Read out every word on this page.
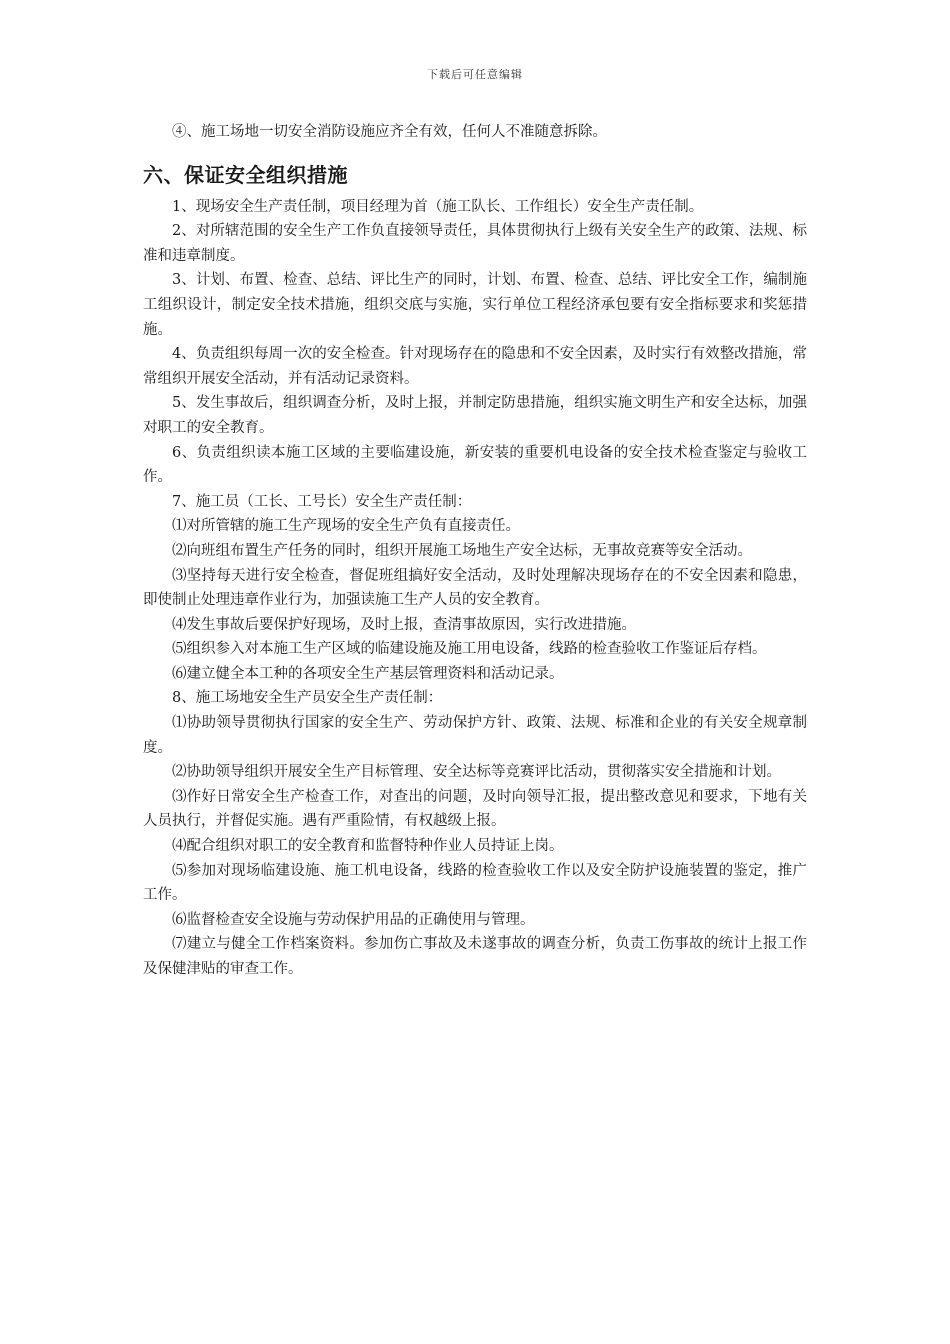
下载后可任意编辑

④、施工场地一切安全消防设施应齐全有效，任何人不准随意拆除。

六、保证安全组织措施

1、现场安全生产责任制，项目经理为首（施工队长、工作组长）安全生产责任制。

2、对所辖范围的安全生产工作负直接领导责任，具体贯彻执行上级有关安全生产的政策、法规、标准和违章制度。

3、计划、布置、检查、总结、评比生产的同时，计划、布置、检查、总结、评比安全工作，编制施工组织设计，制定安全技术措施，组织交底与实施，实行单位工程经济承包要有安全指标要求和奖惩措施。

4、负责组织每周一次的安全检查。针对现场存在的隐患和不安全因素，及时实行有效整改措施，常常组织开展安全活动，并有活动记录资料。

5、发生事故后，组织调查分析，及时上报，并制定防患措施，组织实施文明生产和安全达标，加强对职工的安全教育。

6、负责组织读本施工区域的主要临建设施，新安装的重要机电设备的安全技术检查鉴定与验收工作。

7、施工员（工长、工号长）安全生产责任制：

⑴对所管辖的施工生产现场的安全生产负有直接责任。

⑵向班组布置生产任务的同时，组织开展施工场地生产安全达标，无事故竞赛等安全活动。

⑶坚持每天进行安全检查，督促班组搞好安全活动，及时处理解决现场存在的不安全因素和隐患，即使制止处理违章作业行为，加强读施工生产人员的安全教育。

⑷发生事故后要保护好现场，及时上报，查清事故原因，实行改进措施。

⑸组织参入对本施工生产区域的临建设施及施工用电设备，线路的检查验收工作鉴证后存档。

⑹建立健全本工种的各项安全生产基层管理资料和活动记录。

8、施工场地安全生产员安全生产责任制：

⑴协助领导贯彻执行国家的安全生产、劳动保护方针、政策、法规、标准和企业的有关安全规章制度。

⑵协助领导组织开展安全生产目标管理、安全达标等竞赛评比活动，贯彻落实安全措施和计划。

⑶作好日常安全生产检查工作，对查出的问题，及时向领导汇报，提出整改意见和要求，下地有关人员执行，并督促实施。遇有严重险情，有权越级上报。

⑷配合组织对职工的安全教育和监督特种作业人员持证上岗。

⑸参加对现场临建设施、施工机电设备，线路的检查验收工作以及安全防护设施装置的鉴定，推广工作。

⑹监督检查安全设施与劳动保护用品的正确使用与管理。

⑺建立与健全工作档案资料。参加伤亡事故及未遂事故的调查分析，负责工伤事故的统计上报工作及保健津贴的审查工作。
